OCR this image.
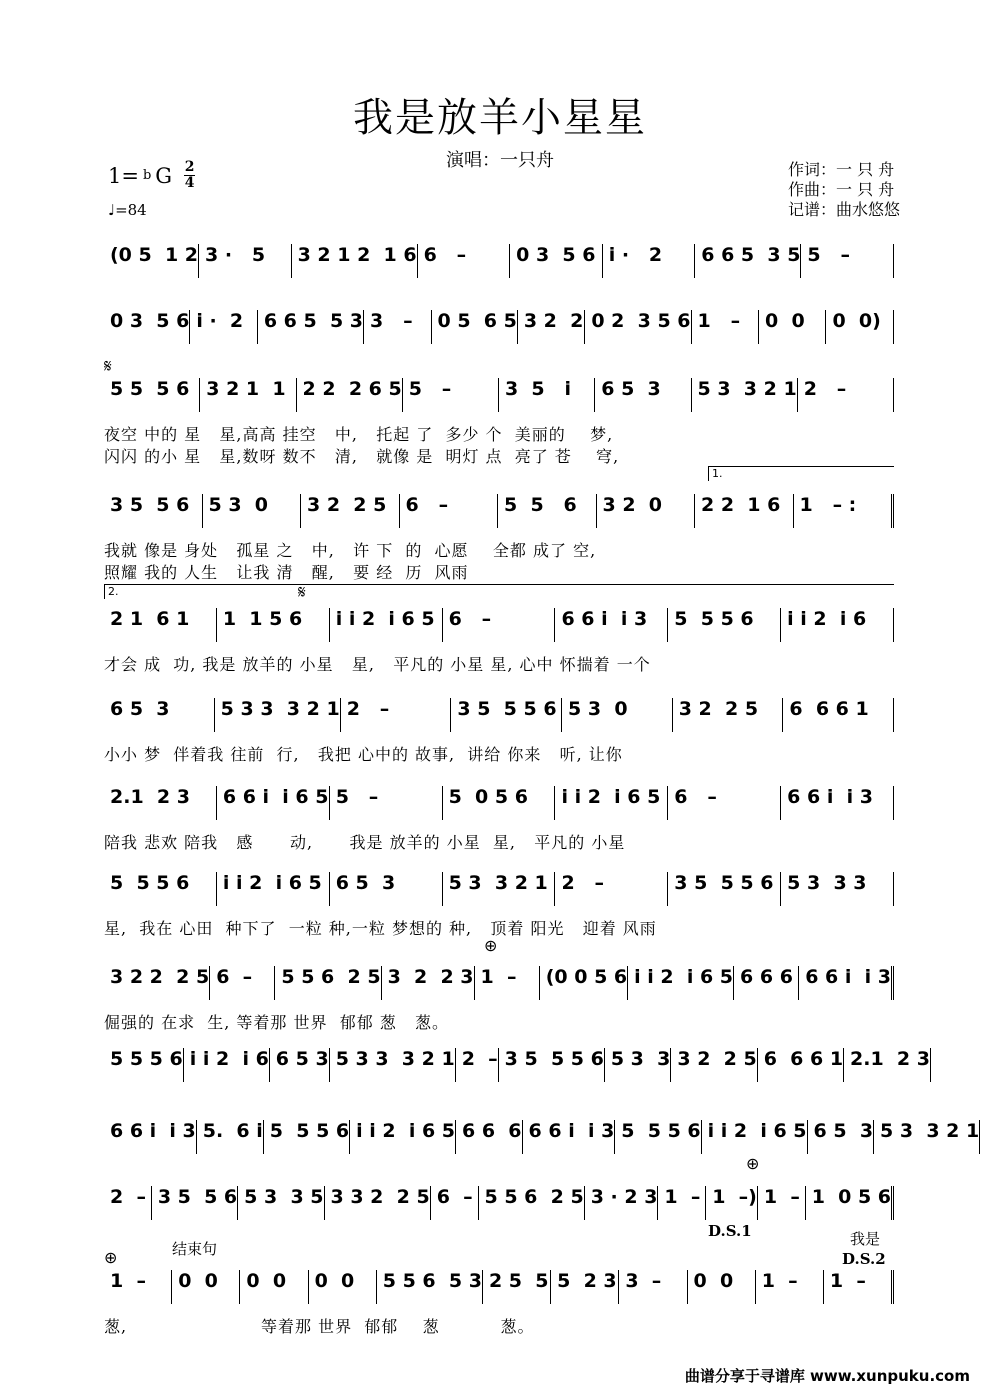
我是放羊小星星
演唱：一只舟
1= b G 2
4
♩=84
作词：一 只 舟
作曲：一 只 舟
记谱：曲水悠悠
(0 5  1 2 3 ·   5	3 2 1 2  1 6 6   –	0 3  5 6 i ·   2	6 6 5  3 5 5   –
0 3  5 6 i ·  2	6 6 5  5 3 3   –	0 5  6 5 3 2  2 0 2  3 5 6 1   –	0  0	0  0)
5 5  5 6 3 2 1  1 2 2  2 6 5 5   –	3  5   i	6 5  3	5 3  3 2 1 2   –
夜空 中的 星   星,高高 挂空   中,   托起 了  多少 个  美丽的    梦,
闪闪 的小 星   星,数呀 数不   清,   就像 是  明灯 点  亮了 苍    穹,
3 5  5 6	5 3  0	3 2  2 5	6   –	5  5   6	3 2  0	2 2  1 6	1   – :
我就 像是 身处   孤星 之   中,   许 下  的  心愿    全都 成了 空,
照耀 我的 人生   让我 清   醒,   要 经  历  风雨
2 1  6 1	1  1 5 6	i i 2  i 6 5 6   –	6 6 i  i 3	5  5 5 6	i i 2  i 6
才会 成  功, 我是 放羊的 小星   星,   平凡的 小星 星, 心中 怀揣着 一个
6 5  3	5 3 3  3 2 1 2   –	3 5  5 5 6 5 3  0	3 2  2 5	6  6 6 1
小小 梦  伴着我 往前  行,   我把 心中的 故事,  讲给 你来   听, 让你
2.1  2 3	6 6 i  i 6 5 5   –	5  0 5 6	i i 2  i 6 5 6   –	6 6 i  i 3
陪我 悲欢 陪我   感      动,      我是 放羊的 小星  星,   平凡的 小星
5  5 5 6	i i 2  i 6 5 6 5  3	5 3  3 2 1 2   –	3 5  5 5 6 5 3  3 3
星,  我在 心田  种下了  一粒 种,一粒 梦想的 种,   顶着 阳光   迎着 风雨
3 2 2  2 5 6  –	5 5 6  2 5 3  2  2 3 1  –	(0 0 5 6 i i 2  i 6 5 6 6 6 6 6 i  i 3
倔强的 在求  生, 等着那 世界  郁郁 葱   葱。
5 5 5 6 i i 2  i 6 6 5 3 5 3 3  3 2 1 2  – 3 5  5 5 6 5 3  3 3 2  2 5 6  6 6 1 2.1  2 3
6 6 i  i 3 5.  6 i 5  5 5 6 i i 2  i 6 5 6 6  6 6 6 i  i 3 5  5 5 6 i i 2  i 6 5 6 5  3 5 3  3 2 1
2  – 3 5  5 6 5 3  3 5 3 3 2  2 5 6  – 5 5 6  2 5 3 · 2 3 1  – 1  –) 1  – 1  0 5 6
1  –	0  0	0  0	0  0	5 5 6  5 3 2 5  5 5  2 3 3  –	0  0	1  –	1  –
葱,                      等着那 世界  郁郁    葱          葱。
𝄋
𝄋
1.
2.
⊕
⊕
⊕
D.S.1
D.S.2
结束句
我是
曲谱分享于寻谱库 www.xunpuku.com
